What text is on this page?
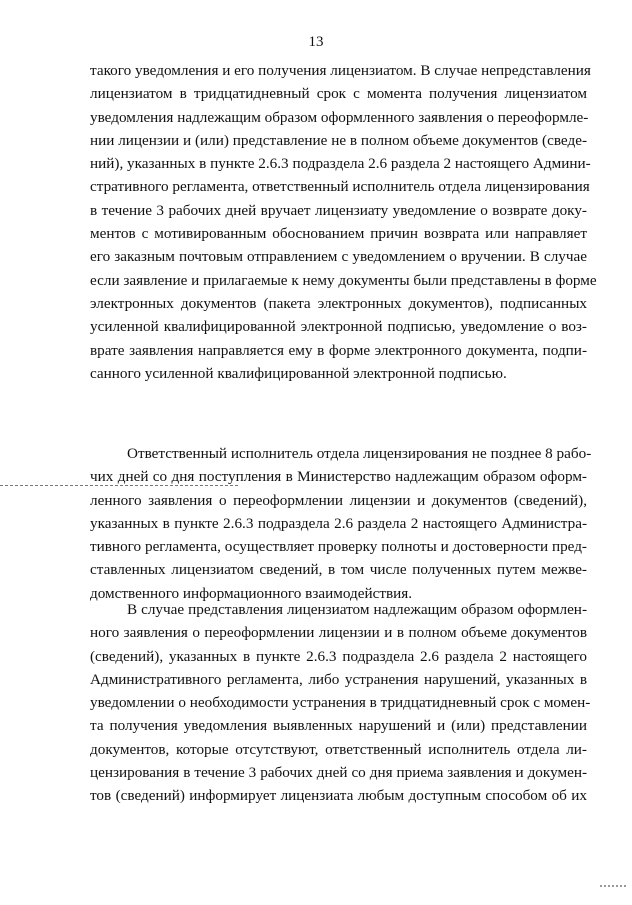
13
такого уведомления и его получения лицензиатом. В случае непредставления
лицензиатом в тридцатидневный срок с момента получения лицензиатом
уведомления надлежащим образом оформленного заявления о переоформле-
нии лицензии и (или) представление не в полном объеме документов (сведе-
ний), указанных в пункте 2.6.3 подраздела 2.6 раздела 2 настоящего Админи-
стративного регламента, ответственный исполнитель отдела лицензирования
в течение 3 рабочих дней вручает лицензиату уведомление о возврате доку-
ментов с мотивированным обоснованием причин возврата или направляет
его заказным почтовым отправлением с уведомлением о вручении. В случае
если заявление и прилагаемые к нему документы были представлены в форме
электронных документов (пакета электронных документов), подписанных
усиленной квалифицированной электронной подписью, уведомление о воз-
врате заявления направляется ему в форме электронного документа, подпи-
санного усиленной квалифицированной электронной подписью.
Ответственный исполнитель отдела лицензирования не позднее 8 рабо-
чих дней со дня поступления в Министерство надлежащим образом оформ-
ленного заявления о переоформлении лицензии и документов (сведений),
указанных в пункте 2.6.3 подраздела 2.6 раздела 2 настоящего Администра-
тивного регламента, осуществляет проверку полноты и достоверности пред-
ставленных лицензиатом сведений, в том числе полученных путем межве-
домственного информационного взаимодействия.
В случае представления лицензиатом надлежащим образом оформлен-
ного заявления о переоформлении лицензии и в полном объеме документов
(сведений), указанных в пункте 2.6.3 подраздела 2.6 раздела 2 настоящего
Административного регламента, либо устранения нарушений, указанных в
уведомлении о необходимости устранения в тридцатидневный срок с момен-
та получения уведомления выявленных нарушений и (или) представлении
документов, которые отсутствуют, ответственный исполнитель отдела ли-
цензирования в течение 3 рабочих дней со дня приема заявления и докумен-
тов (сведений) информирует лицензиата любым доступным способом об их
